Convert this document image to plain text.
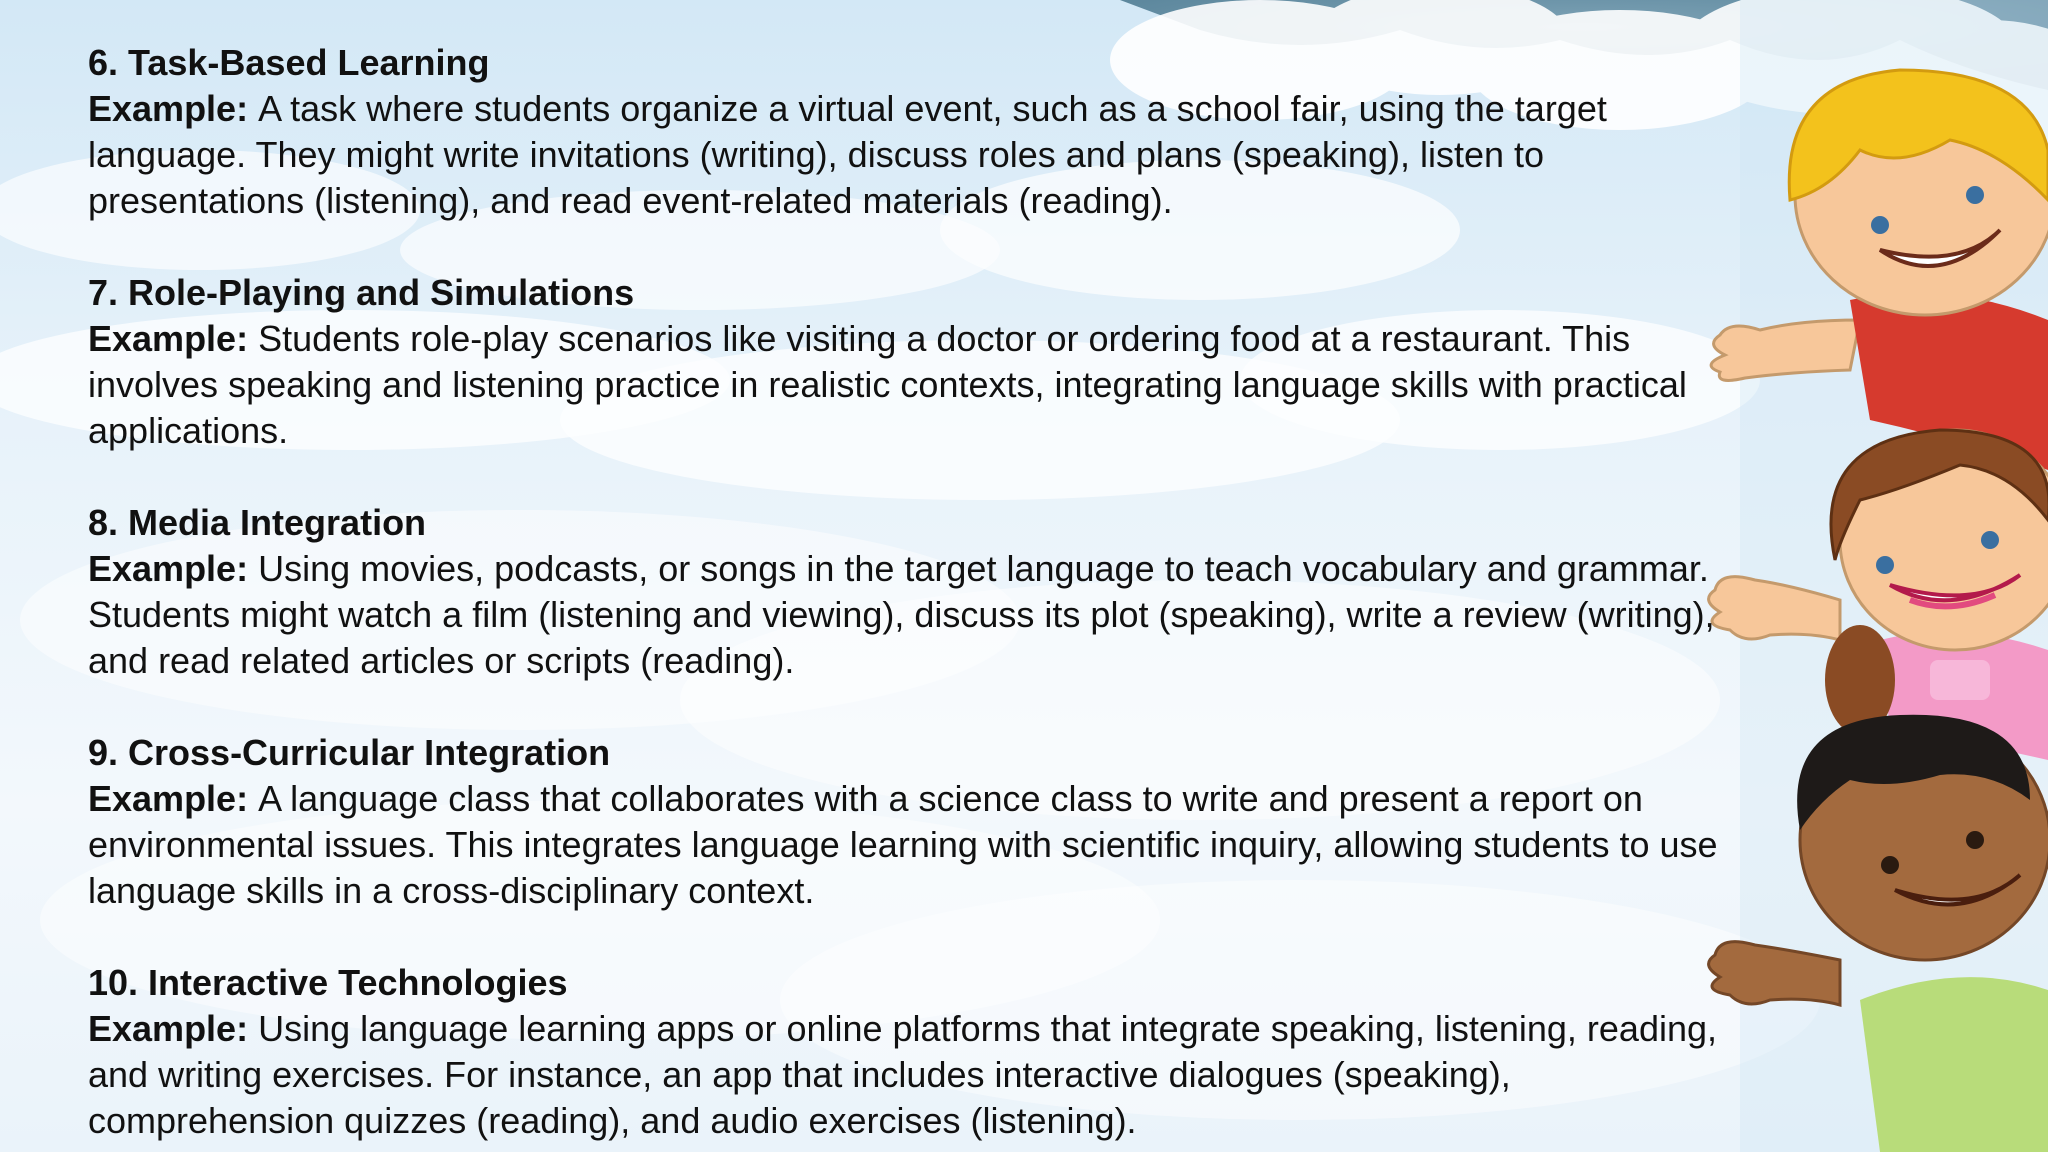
6. Task-Based Learning
Example: A task where students organize a virtual event, such as a school fair, using the target language. They might write invitations (writing), discuss roles and plans (speaking), listen to presentations (listening), and read event-related materials (reading).
7. Role-Playing and Simulations
Example: Students role-play scenarios like visiting a doctor or ordering food at a restaurant. This involves speaking and listening practice in realistic contexts, integrating language skills with practical applications.
8. Media Integration
Example: Using movies, podcasts, or songs in the target language to teach vocabulary and grammar. Students might watch a film (listening and viewing), discuss its plot (speaking), write a review (writing), and read related articles or scripts (reading).
9. Cross-Curricular Integration
Example: A language class that collaborates with a science class to write and present a report on environmental issues. This integrates language learning with scientific inquiry, allowing students to use language skills in a cross-disciplinary context.
10. Interactive Technologies
Example: Using language learning apps or online platforms that integrate speaking, listening, reading, and writing exercises. For instance, an app that includes interactive dialogues (speaking), comprehension quizzes (reading), and audio exercises (listening).
